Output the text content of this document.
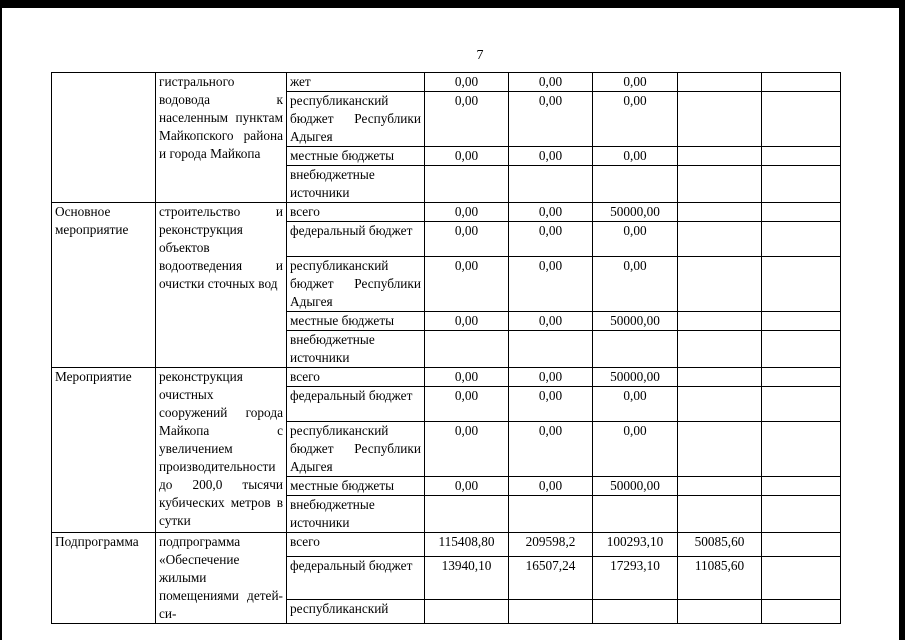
7
	гистрального водовода к населенным пунктам Майкопского района и города Майкопа	жет	0,00	0,00	0,00		
		республиканский бюджет Республики Адыгея	0,00	0,00	0,00		
		местные бюджеты	0,00	0,00	0,00		
		внебюджетные источники					
Основное мероприятие	строительство и реконструкция объектов водоотведения и очистки сточных вод	всего	0,00	0,00	50000,00		
		федеральный бюджет	0,00	0,00	0,00		
		республиканский бюджет Республики Адыгея	0,00	0,00	0,00		
		местные бюджеты	0,00	0,00	50000,00		
		внебюджетные источники					
Мероприятие	реконструкция очистных сооружений города Майкопа с увеличением производительности до 200,0 тысячи кубических метров в сутки	всего	0,00	0,00	50000,00		
		федеральный бюджет	0,00	0,00	0,00		
		республиканский бюджет Республики Адыгея	0,00	0,00	0,00		
		местные бюджеты	0,00	0,00	50000,00		
		внебюджетные источники					
Подпрограмма	подпрограмма «Обеспечение жилыми помещениями детей-си-	всего	115408,80	209598,2	100293,10	50085,60	
		федеральный бюджет	13940,10	16507,24	17293,10	11085,60	
		республиканский					
